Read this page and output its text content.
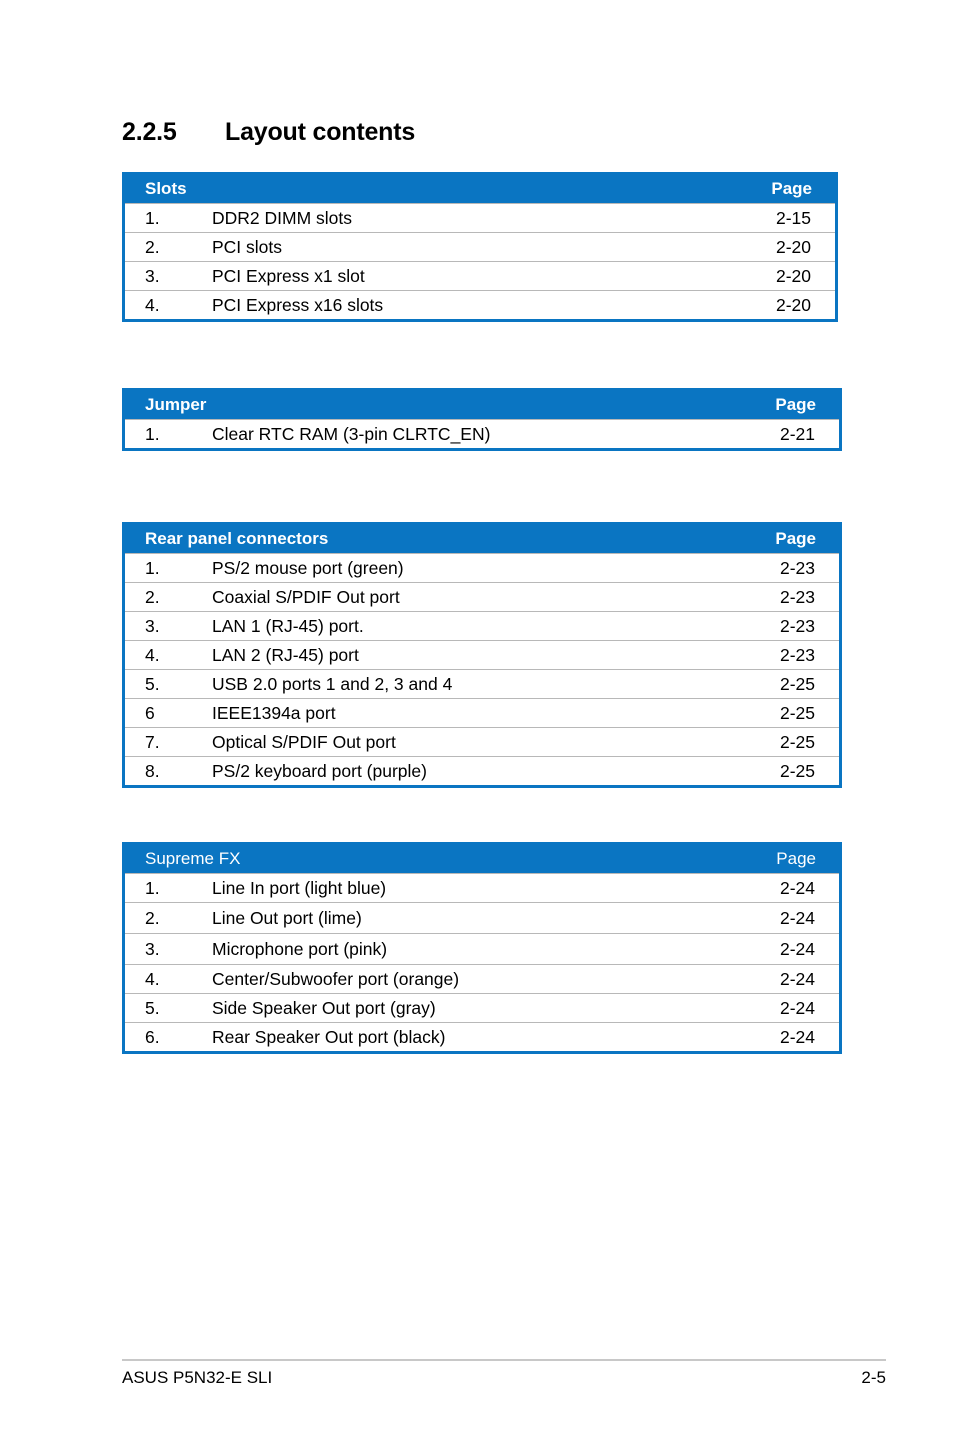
2.2.5 Layout contents
Slots	Page
1.	DDR2 DIMM slots	2-15
2.	PCI slots	2-20
3.	PCI Express x1 slot	2-20
4.	PCI Express x16 slots	2-20
Jumper	Page
1.	Clear RTC RAM (3-pin CLRTC_EN)	2-21
Rear panel connectors	Page
1.	PS/2 mouse port (green)	2-23
2.	Coaxial S/PDIF Out port	2-23
3.	LAN 1 (RJ-45) port.	2-23
4.	LAN 2 (RJ-45) port	2-23
5.	USB 2.0 ports 1 and 2, 3 and 4	2-25
6	IEEE1394a port	2-25
7.	Optical S/PDIF Out port	2-25
8.	PS/2 keyboard port (purple)	2-25
Supreme FX	Page
1.	Line In port (light blue)	2-24
2.	Line Out port (lime)	2-24
3.	Microphone port (pink)	2-24
4.	Center/Subwoofer port (orange)	2-24
5.	Side Speaker Out port (gray)	2-24
6.	Rear Speaker Out port (black)	2-24
ASUS P5N32-E SLI	2-5
